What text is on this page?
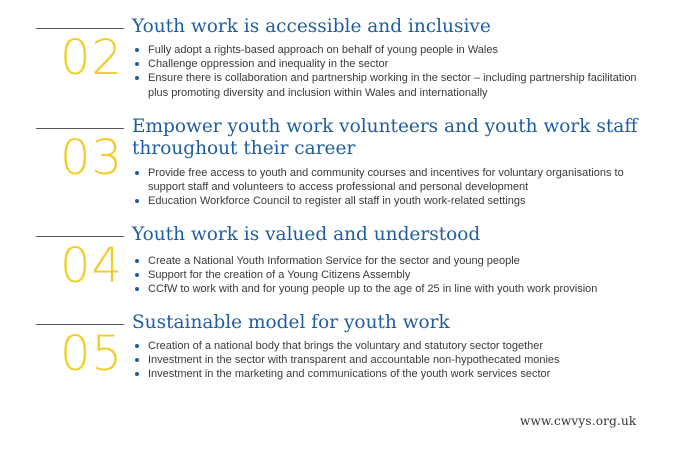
02
Youth work is accessible and inclusive
Fully adopt a rights-based approach on behalf of young people in Wales
Challenge oppression and inequality in the sector
Ensure there is collaboration and partnership working in the sector – including partnership facilitation plus promoting diversity and inclusion within Wales and internationally
03
Empower youth work volunteers and youth work staff throughout their career
Provide free access to youth and community courses and incentives for voluntary organisations to support staff and volunteers to access professional and personal development
Education Workforce Council to register all staff in youth work-related settings
04
Youth work is valued and understood
Create a National Youth Information Service for the sector and young people
Support for the creation of a Young Citizens Assembly
CCfW to work with and for young people up to the age of 25 in line with youth work provision
05
Sustainable model for youth work
Creation of a national body that brings the voluntary and statutory sector together
Investment in the sector with transparent and accountable non-hypothecated monies
Investment in the marketing and communications of the youth work services sector
www.cwvys.org.uk
